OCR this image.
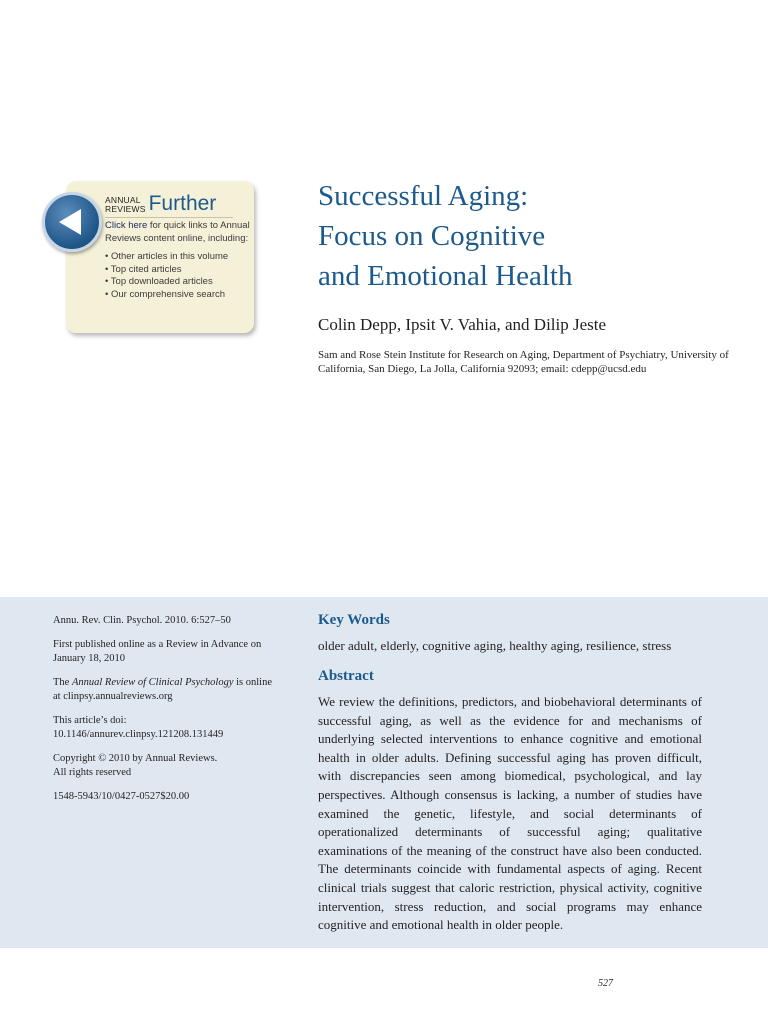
ANNUAL
REVIEWS Further
Click here for quick links to Annual Reviews content online, including:
• Other articles in this volume
• Top cited articles
• Top downloaded articles
• Our comprehensive search
Successful Aging:
Focus on Cognitive
and Emotional Health
Colin Depp, Ipsit V. Vahia, and Dilip Jeste
Sam and Rose Stein Institute for Research on Aging, Department of Psychiatry, University of California, San Diego, La Jolla, California 92093; email: cdepp@ucsd.edu

Annu. Rev. Clin. Psychol. 2010. 6:527–50

First published online as a Review in Advance on January 18, 2010

The Annual Review of Clinical Psychology is online at clinpsy.annualreviews.org

This article’s doi:
10.1146/annurev.clinpsy.121208.131449

Copyright © 2010 by Annual Reviews.
All rights reserved

1548-5943/10/0427-0527$20.00

Key Words
older adult, elderly, cognitive aging, healthy aging, resilience, stress
Abstract
We review the definitions, predictors, and biobehavioral determinants of successful aging, as well as the evidence for and mechanisms of underlying selected interventions to enhance cognitive and emotional health in older adults. Defining successful aging has proven difficult, with discrepancies seen among biomedical, psychological, and lay perspectives. Although consensus is lacking, a number of studies have examined the genetic, lifestyle, and social determinants of operationalized determinants of successful aging; qualitative examinations of the meaning of the construct have also been conducted. The determinants coincide with fundamental aspects of aging. Recent clinical trials suggest that caloric restriction, physical activity, cognitive intervention, stress reduction, and social programs may enhance cognitive and emotional health in older people.
527
